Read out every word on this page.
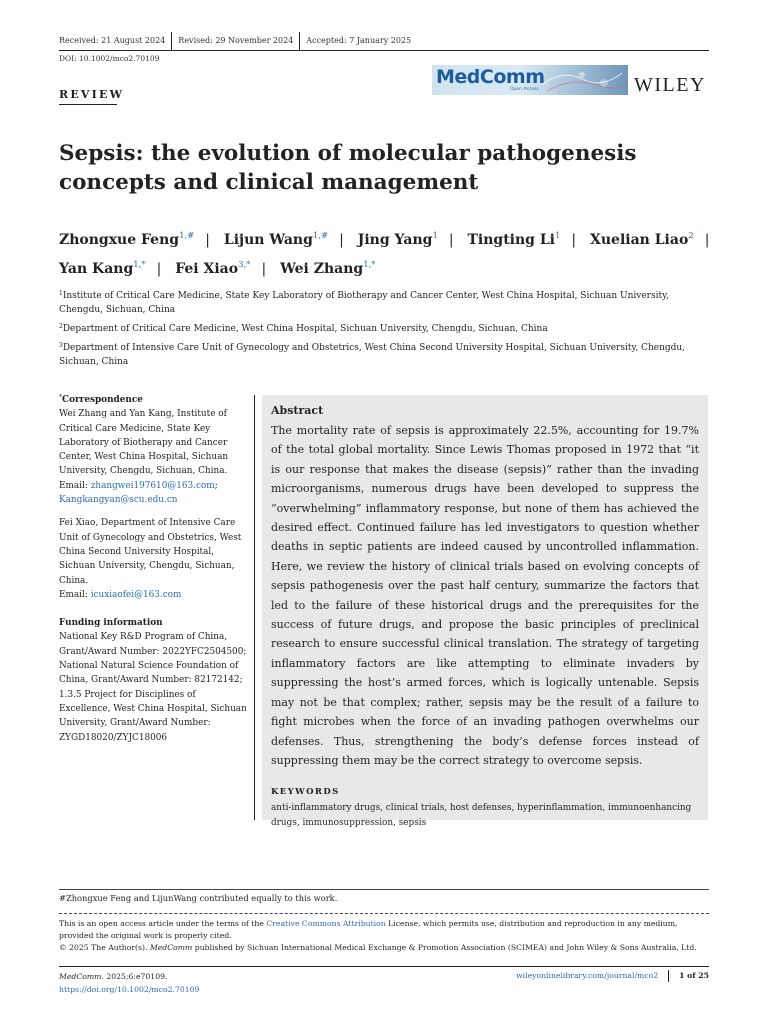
Received: 21 August 2024	Revised: 29 November 2024	Accepted: 7 January 2025
DOI: 10.1002/mco2.70109
REVIEW
MedComm
Open Access	WILEY
Sepsis: the evolution of molecular pathogenesis concepts and clinical management
Zhongxue Feng$^{1,\#}$ | Lijun Wang$^{1,\#}$ | Jing Yang$^1$ | Tingting Li$^1$ | Xuelian Liao$^2$ |
Yan Kang$^{1,*}$ | Fei Xiao$^{3,*}$ | Wei Zhang$^{1,*}$

$^1$Institute of Critical Care Medicine, State Key Laboratory of Biotherapy and Cancer Center, West China Hospital, Sichuan University, Chengdu, Sichuan, China

$^2$Department of Critical Care Medicine, West China Hospital, Sichuan University, Chengdu, Sichuan, China

$^3$Department of Intensive Care Unit of Gynecology and Obstetrics, West China Second University Hospital, Sichuan University, Chengdu, Sichuan, China

*Correspondence
Wei Zhang and Yan Kang, Institute of Critical Care Medicine, State Key Laboratory of Biotherapy and Cancer Center, West China Hospital, Sichuan University, Chengdu, Sichuan, China.
Email: zhangwei197610@163.com;
Kangkangyan@scu.edu.cn
Fei Xiao, Department of Intensive Care Unit of Gynecology and Obstetrics, West China Second University Hospital, Sichuan University, Chengdu, Sichuan, China.
Email: icuxiaofei@163.com
Funding information
National Key R&D Program of China, Grant/Award Number: 2022YFC2504500; National Natural Science Foundation of China, Grant/Award Number: 82172142; 1.3.5 Project for Disciplines of Excellence, West China Hospital, Sichuan University, Grant/Award Number: ZYGD18020/ZYJC18006
Abstract
The mortality rate of sepsis is approximately 22.5%, accounting for 19.7% of the total global mortality. Since Lewis Thomas proposed in 1972 that “it is our response that makes the disease (sepsis)” rather than the invading microorganisms, numerous drugs have been developed to suppress the “overwhelming” inflammatory response, but none of them has achieved the desired effect. Continued failure has led investigators to question whether deaths in septic patients are indeed caused by uncontrolled inflammation. Here, we review the history of clinical trials based on evolving concepts of sepsis pathogenesis over the past half century, summarize the factors that led to the failure of these historical drugs and the prerequisites for the success of future drugs, and propose the basic principles of preclinical research to ensure successful clinical translation. The strategy of targeting inflammatory factors are like attempting to eliminate invaders by suppressing the host’s armed forces, which is logically untenable. Sepsis may not be that complex; rather, sepsis may be the result of a failure to fight microbes when the force of an invading pathogen overwhelms our defenses. Thus, strengthening the body’s defense forces instead of suppressing them may be the correct strategy to overcome sepsis.
KEYWORDS
anti-inflammatory drugs, clinical trials, host defenses, hyperinflammation, immunoenhancing drugs, immunosuppression, sepsis
#Zhongxue Feng and LijunWang contributed equally to this work.
This is an open access article under the terms of the Creative Commons Attribution License, which permits use, distribution and reproduction in any medium, provided the original work is properly cited.
© 2025 The Author(s). MedComm published by Sichuan International Medical Exchange & Promotion Association (SCIMEA) and John Wiley & Sons Australia, Ltd.
MedComm. 2025;6:e70109.
https://doi.org/10.1002/mco2.70109
wileyonlinelibrary.com/journal/mco2	1 of 25
